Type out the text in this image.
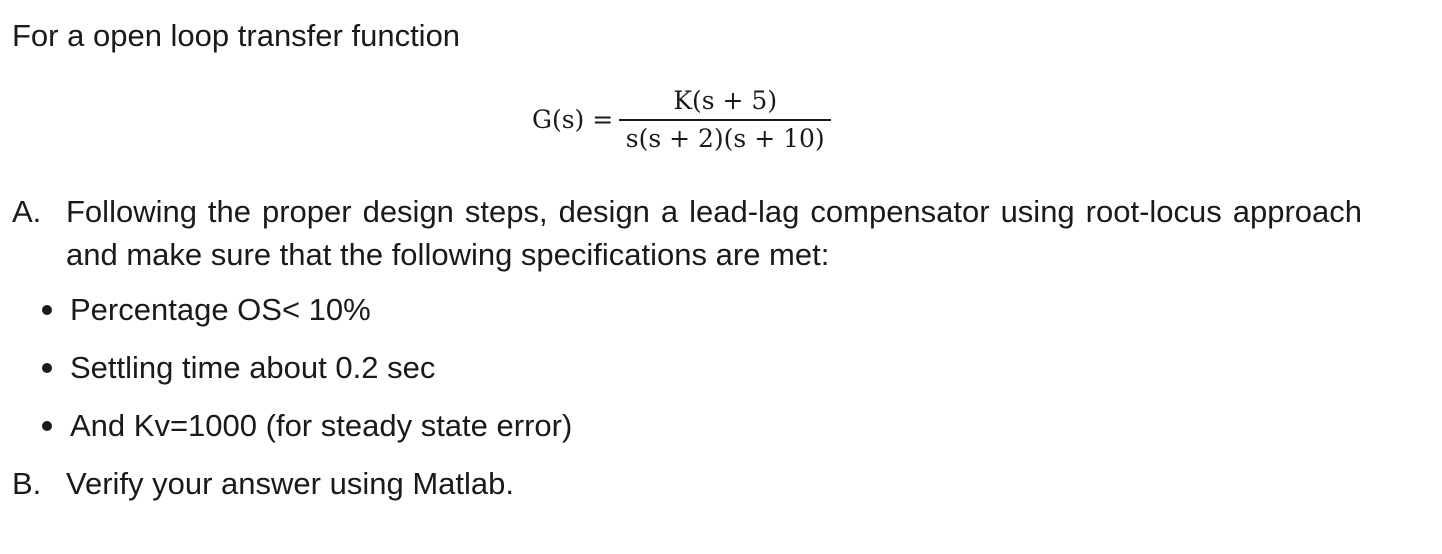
For a open loop transfer function
$G(s) = \frac{K(s + 5)}{s(s + 2)(s + 10)}$
A. Following the proper design steps, design a lead-lag compensator using root-locus approach and make sure that the following specifications are met:
Percentage OS< 10%
Settling time about 0.2 sec
And Kv=1000 (for steady state error)
B. Verify your answer using Matlab.
